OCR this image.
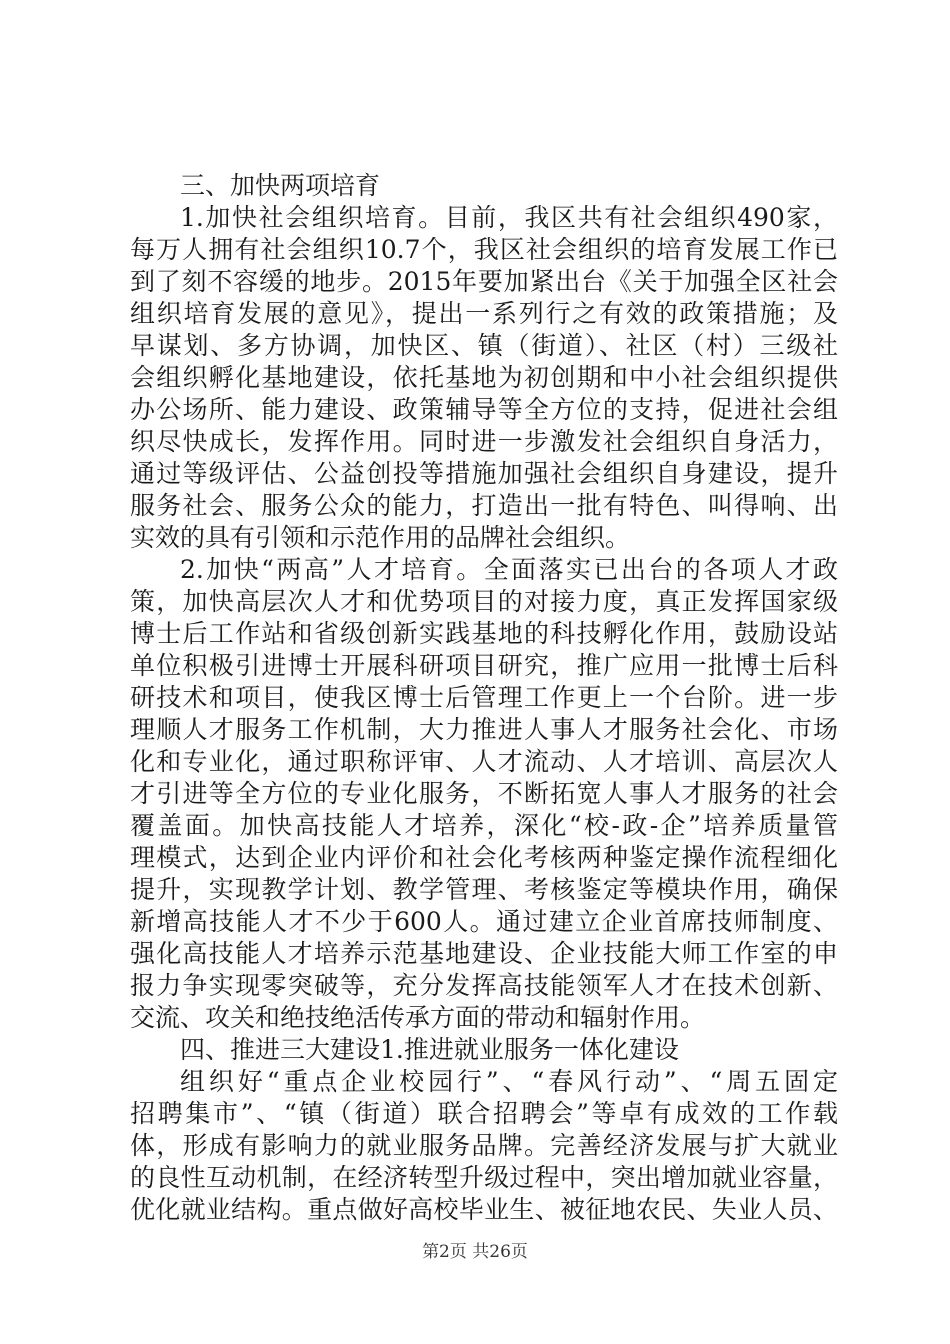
三、加快两项培育
1.加快社会组织培育。目前，我区共有社会组织490家，
每万人拥有社会组织10.7个，我区社会组织的培育发展工作已
到了刻不容缓的地步。2015年要加紧出台《关于加强全区社会
组织培育发展的意见》，提出一系列行之有效的政策措施；及
早谋划、多方协调，加快区、镇（街道）、社区（村）三级社
会组织孵化基地建设，依托基地为初创期和中小社会组织提供
办公场所、能力建设、政策辅导等全方位的支持，促进社会组
织尽快成长，发挥作用。同时进一步激发社会组织自身活力，
通过等级评估、公益创投等措施加强社会组织自身建设，提升
服务社会、服务公众的能力，打造出一批有特色、叫得响、出
实效的具有引领和示范作用的品牌社会组织。
2.加快“两高”人才培育。全面落实已出台的各项人才政
策，加快高层次人才和优势项目的对接力度，真正发挥国家级
博士后工作站和省级创新实践基地的科技孵化作用，鼓励设站
单位积极引进博士开展科研项目研究，推广应用一批博士后科
研技术和项目，使我区博士后管理工作更上一个台阶。进一步
理顺人才服务工作机制，大力推进人事人才服务社会化、市场
化和专业化，通过职称评审、人才流动、人才培训、高层次人
才引进等全方位的专业化服务，不断拓宽人事人才服务的社会
覆盖面。加快高技能人才培养，深化“校-政-企”培养质量管
理模式，达到企业内评价和社会化考核两种鉴定操作流程细化
提升，实现教学计划、教学管理、考核鉴定等模块作用，确保
新增高技能人才不少于600人。通过建立企业首席技师制度、
强化高技能人才培养示范基地建设、企业技能大师工作室的申
报力争实现零突破等，充分发挥高技能领军人才在技术创新、
交流、攻关和绝技绝活传承方面的带动和辐射作用。
四、推进三大建设1.推进就业服务一体化建设
组织好“重点企业校园行”、“春风行动”、“周五固定
招聘集市”、“镇（街道）联合招聘会”等卓有成效的工作载
体，形成有影响力的就业服务品牌。完善经济发展与扩大就业
的良性互动机制，在经济转型升级过程中，突出增加就业容量，
优化就业结构。重点做好高校毕业生、被征地农民、失业人员、
第2页 共26页
